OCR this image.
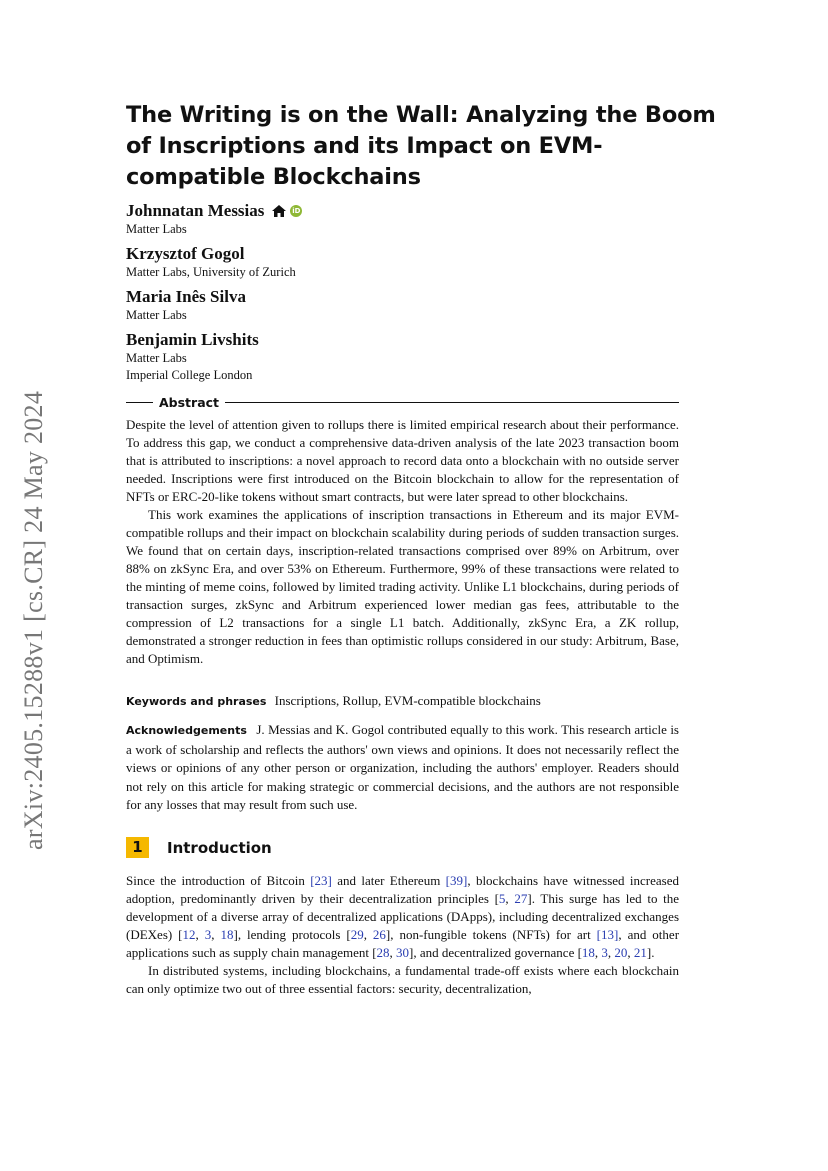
arXiv:2405.15288v1 [cs.CR] 24 May 2024
The Writing is on the Wall: Analyzing the Boom of Inscriptions and its Impact on EVM-compatible Blockchains
Johnnatan Messias	iD
Matter Labs
Krzysztof Gogol
Matter Labs, University of Zurich
Maria Inês Silva
Matter Labs
Benjamin Livshits
Matter Labs
Imperial College London
Abstract

Despite the level of attention given to rollups there is limited empirical research about their performance. To address this gap, we conduct a comprehensive data-driven analysis of the late 2023 transaction boom that is attributed to inscriptions: a novel approach to record data onto a blockchain with no outside server needed. Inscriptions were first introduced on the Bitcoin blockchain to allow for the representation of NFTs or ERC-20-like tokens without smart contracts, but were later spread to other blockchains.

This work examines the applications of inscription transactions in Ethereum and its major EVM-compatible rollups and their impact on blockchain scalability during periods of sudden transaction surges. We found that on certain days, inscription-related transactions comprised over 89% on Arbitrum, over 88% on zkSync Era, and over 53% on Ethereum. Furthermore, 99% of these transactions were related to the minting of meme coins, followed by limited trading activity. Unlike L1 blockchains, during periods of transaction surges, zkSync and Arbitrum experienced lower median gas fees, attributable to the compression of L2 transactions for a single L1 batch. Additionally, zkSync Era, a ZK rollup, demonstrated a stronger reduction in fees than optimistic rollups considered in our study: Arbitrum, Base, and Optimism.

Keywords and phrases Inscriptions, Rollup, EVM-compatible blockchains
Acknowledgements J. Messias and K. Gogol contributed equally to this work. This research article is a work of scholarship and reflects the authors' own views and opinions. It does not necessarily reflect the views or opinions of any other person or organization, including the authors' employer. Readers should not rely on this article for making strategic or commercial decisions, and the authors are not responsible for any losses that may result from such use.
1	Introduction

Since the introduction of Bitcoin [23] and later Ethereum [39], blockchains have witnessed increased adoption, predominantly driven by their decentralization principles [5, 27]. This surge has led to the development of a diverse array of decentralized applications (DApps), including decentralized exchanges (DEXes) [12, 3, 18], lending protocols [29, 26], non-fungible tokens (NFTs) for art [13], and other applications such as supply chain management [28, 30], and decentralized governance [18, 3, 20, 21].

In distributed systems, including blockchains, a fundamental trade-off exists where each blockchain can only optimize two out of three essential factors: security, decentralization,
